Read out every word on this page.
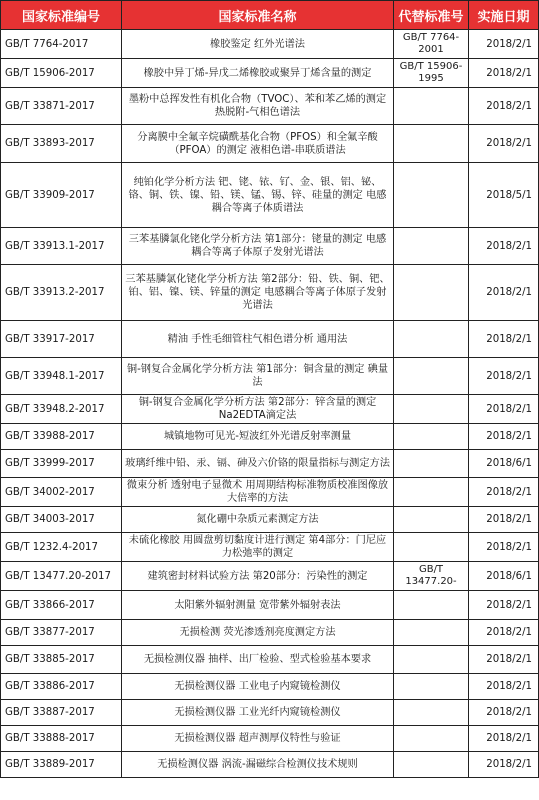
国家标准编号	国家标准名称	代替标准号	实施日期
GB/T 7764-2017	橡胶鉴定 红外光谱法	GB/T 7764-2001	2018/2/1
GB/T 15906-2017	橡胶中异丁烯-异戊二烯橡胶或聚异丁烯含量的测定	GB/T 15906-1995	2018/2/1
GB/T 33871-2017	墨粉中总挥发性有机化合物（TVOC）、苯和苯乙烯的测定 热脱附-气相色谱法		2018/2/1
GB/T 33893-2017	分离膜中全氟辛烷磺酰基化合物（PFOS）和全氟辛酸（PFOA）的测定 液相色谱-串联质谱法		2018/2/1
GB/T 33909-2017	纯铂化学分析方法 钯、铑、铱、钌、金、银、铝、铋、铬、铜、铁、镍、铅、镁、锰、锡、锌、硅量的测定 电感耦合等离子体质谱法		2018/5/1
GB/T 33913.1-2017	三苯基膦氯化铑化学分析方法 第1部分：铑量的测定 电感耦合等离子体原子发射光谱法		2018/2/1
GB/T 33913.2-2017	三苯基膦氯化铑化学分析方法 第2部分：铅、铁、铜、钯、铂、铝、镍、镁、锌量的测定 电感耦合等离子体原子发射光谱法		2018/2/1
GB/T 33917-2017	精油 手性毛细管柱气相色谱分析 通用法		2018/2/1
GB/T 33948.1-2017	铜-钢复合金属化学分析方法 第1部分：铜含量的测定 碘量法		2018/2/1
GB/T 33948.2-2017	铜-钢复合金属化学分析方法 第2部分：锌含量的测定 Na2EDTA滴定法		2018/2/1
GB/T 33988-2017	城镇地物可见光-短波红外光谱反射率测量		2018/2/1
GB/T 33999-2017	玻璃纤维中铅、汞、镉、砷及六价铬的限量指标与测定方法		2018/6/1
GB/T 34002-2017	微束分析 透射电子显微术 用周期结构标准物质校准图像放大倍率的方法		2018/2/1
GB/T 34003-2017	氮化硼中杂质元素测定方法		2018/2/1
GB/T 1232.4-2017	未硫化橡胶 用圆盘剪切黏度计进行测定 第4部分：门尼应力松弛率的测定		2018/2/1
GB/T 13477.20-2017	建筑密封材料试验方法 第20部分：污染性的测定	GB/T 13477.20-	2018/6/1
GB/T 33866-2017	太阳紫外辐射测量 宽带紫外辐射表法		2018/2/1
GB/T 33877-2017	无损检测 荧光渗透剂亮度测定方法		2018/2/1
GB/T 33885-2017	无损检测仪器 抽样、出厂检验、型式检验基本要求		2018/2/1
GB/T 33886-2017	无损检测仪器 工业电子内窥镜检测仪		2018/2/1
GB/T 33887-2017	无损检测仪器 工业光纤内窥镜检测仪		2018/2/1
GB/T 33888-2017	无损检测仪器 超声测厚仪特性与验证		2018/2/1
GB/T 33889-2017	无损检测仪器 涡流-漏磁综合检测仪技术规则		2018/2/1
